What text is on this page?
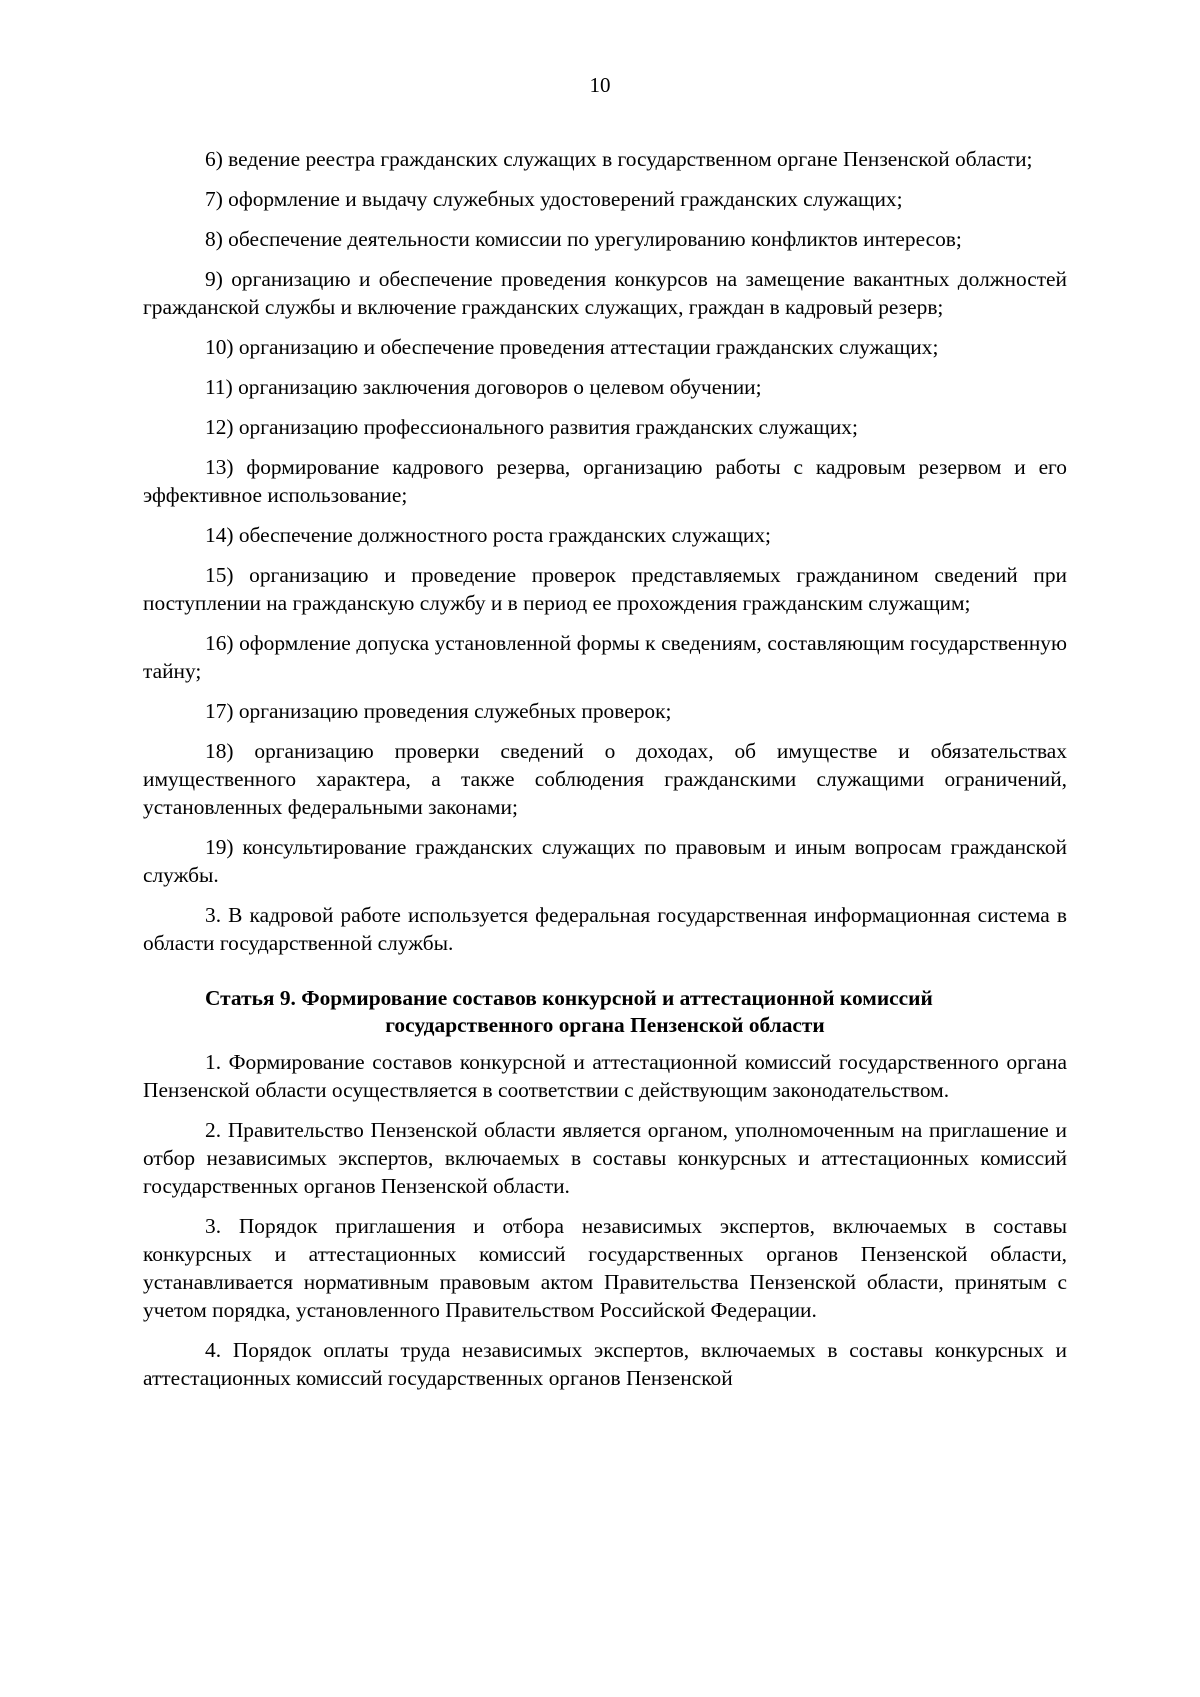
10

6) ведение реестра гражданских служащих в государственном органе Пензенской области;

7) оформление и выдачу служебных удостоверений гражданских служащих;

8) обеспечение деятельности комиссии по урегулированию конфликтов интересов;

9) организацию и обеспечение проведения конкурсов на замещение вакантных должностей гражданской службы и включение гражданских служащих, граждан в кадровый резерв;

10) организацию и обеспечение проведения аттестации гражданских служащих;

11) организацию заключения договоров о целевом обучении;

12) организацию профессионального развития гражданских служащих;

13) формирование кадрового резерва, организацию работы с кадровым резервом и его эффективное использование;

14) обеспечение должностного роста гражданских служащих;

15) организацию и проведение проверок представляемых гражданином сведений при поступлении на гражданскую службу и в период ее прохождения гражданским служащим;

16) оформление допуска установленной формы к сведениям, составляющим государственную тайну;

17) организацию проведения служебных проверок;

18) организацию проверки сведений о доходах, об имуществе и обязательствах имущественного характера, а также соблюдения гражданскими служащими ограничений, установленных федеральными законами;

19) консультирование гражданских служащих по правовым и иным вопросам гражданской службы.

3. В кадровой работе используется федеральная государственная информационная система в области государственной службы.

Статья 9. Формирование составов конкурсной и аттестационной комиссий
государственного органа Пензенской области

1. Формирование составов конкурсной и аттестационной комиссий государственного органа Пензенской области осуществляется в соответствии с действующим законодательством.

2. Правительство Пензенской области является органом, уполномоченным на приглашение и отбор независимых экспертов, включаемых в составы конкурсных и аттестационных комиссий государственных органов Пензенской области.

3. Порядок приглашения и отбора независимых экспертов, включаемых в составы конкурсных и аттестационных комиссий государственных органов Пензенской области, устанавливается нормативным правовым актом Правительства Пензенской области, принятым с учетом порядка, установленного Правительством Российской Федерации.

4. Порядок оплаты труда независимых экспертов, включаемых в составы конкурсных и аттестационных комиссий государственных органов Пензенской
